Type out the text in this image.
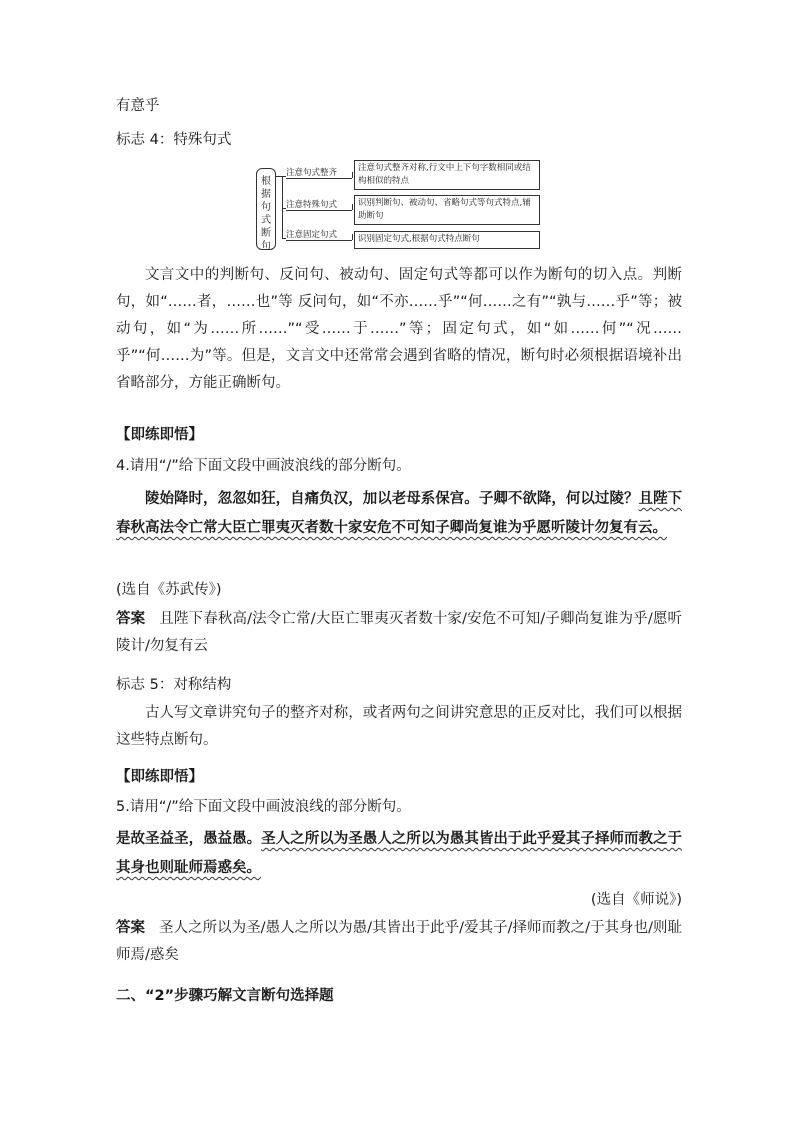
有意乎
标志 4：特殊句式
根
据
句
式
断
句
注意句式整齐
注意特殊句式
注意固定句式
注意句式整齐对称,行文中上下句字数相同或结构相似的特点
识别判断句、被动句、省略句式等句式特点,辅助断句
识别固定句式,根据句式特点断句
文言文中的判断句、反问句、被动句、固定句式等都可以作为断句的切入点。判断句，如“……者，……也”等 反问句，如“不亦……乎”“何……之有”“孰与……乎”等；被动句，如“为……所……”“受……于……”等；固定句式，如“如……何”“况……乎”“何……为”等。但是，文言文中还常常会遇到省略的情况，断句时必须根据语境补出省略部分，方能正确断句。
【即练即悟】
4.请用“/”给下面文段中画波浪线的部分断句。
陵始降时，忽忽如狂，自痛负汉，加以老母系保宫。子卿不欲降，何以过陵？且陛下春秋高法令亡常大臣亡罪夷灭者数十家安危不可知子卿尚复谁为乎愿听陵计勿复有云。
(选自《苏武传》)
答案 且陛下春秋高/法令亡常/大臣亡罪夷灭者数十家/安危不可知/子卿尚复谁为乎/愿听陵计/勿复有云
标志 5：对称结构
古人写文章讲究句子的整齐对称，或者两句之间讲究意思的正反对比，我们可以根据这些特点断句。
【即练即悟】
5.请用“/”给下面文段中画波浪线的部分断句。
是故圣益圣，愚益愚。圣人之所以为圣愚人之所以为愚其皆出于此乎爱其子择师而教之于其身也则耻师焉惑矣。
(选自《师说》)
答案 圣人之所以为圣/愚人之所以为愚/其皆出于此乎/爱其子/择师而教之/于其身也/则耻师焉/惑矣
二、“2”步骤巧解文言断句选择题
